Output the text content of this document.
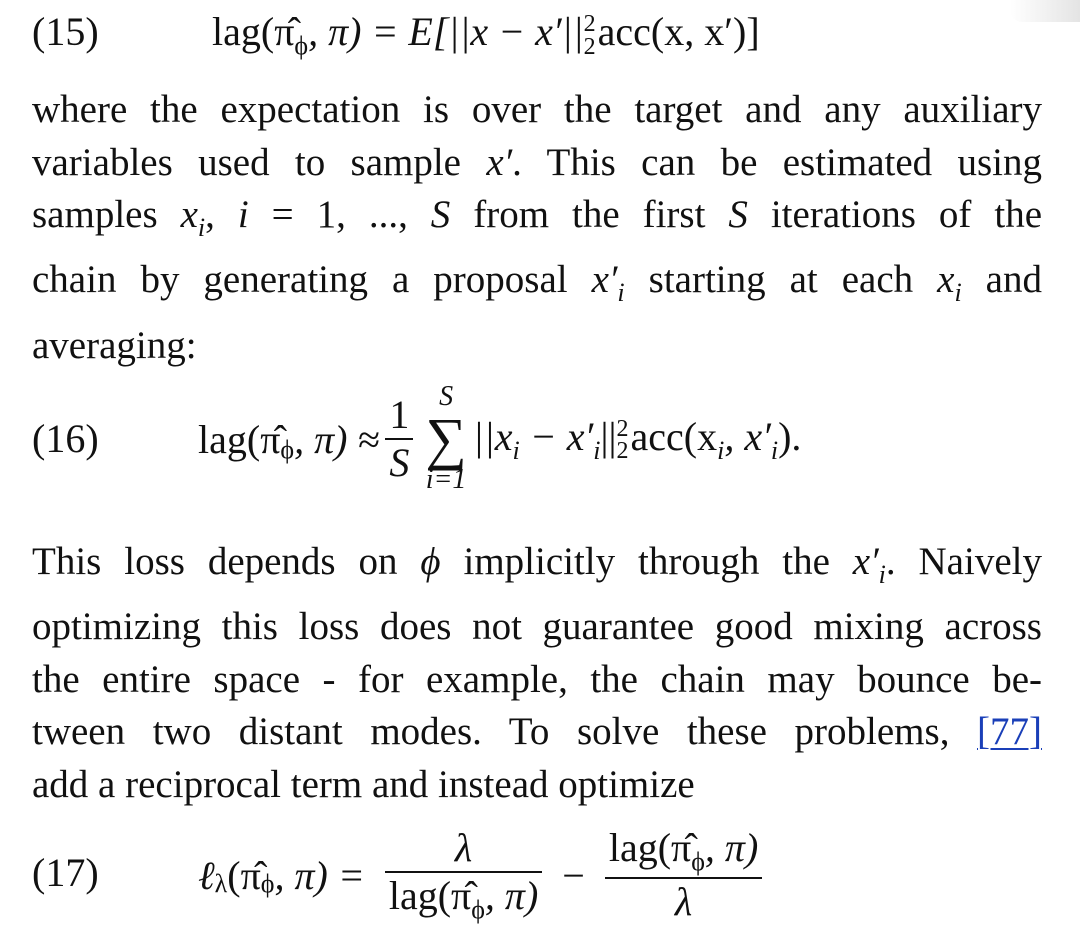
(15)	$lag(\pî_\phi$, π) = E[||x − x′|| 2
2 acc(x, x′)]
where the expectation is over the target and any auxiliary
variables used to sample x′. This can be estimated using
samples $x_i$, i = 1, ..., S from the first S iterations of the
chain by generating a proposal $x'_i$ starting at each $x_i$ and
averaging:
(16) $lag(\pî_\phi$ , $\pi) \approx \frac{1}{S}$ S
∑
i=1
$||x_i - x'_i||$ 2
2 $acc(x_i$, $x'_i$).
This loss depends on ϕ implicitly through the $x'_i$. Naively
optimizing this loss does not guarantee good mixing across
the entire space - for example, the chain may bounce be-
tween two distant modes. To solve these problems, [77]
add a reciprocal term and instead optimize
(17) ℓ$_\lambda$ ($\pî_\phi$ , $\pi) = \frac{\lambda}{lag(\pî_\phi, \pi)} - \frac{lag(\pî_\phi, \pi)}{\lambda}$
